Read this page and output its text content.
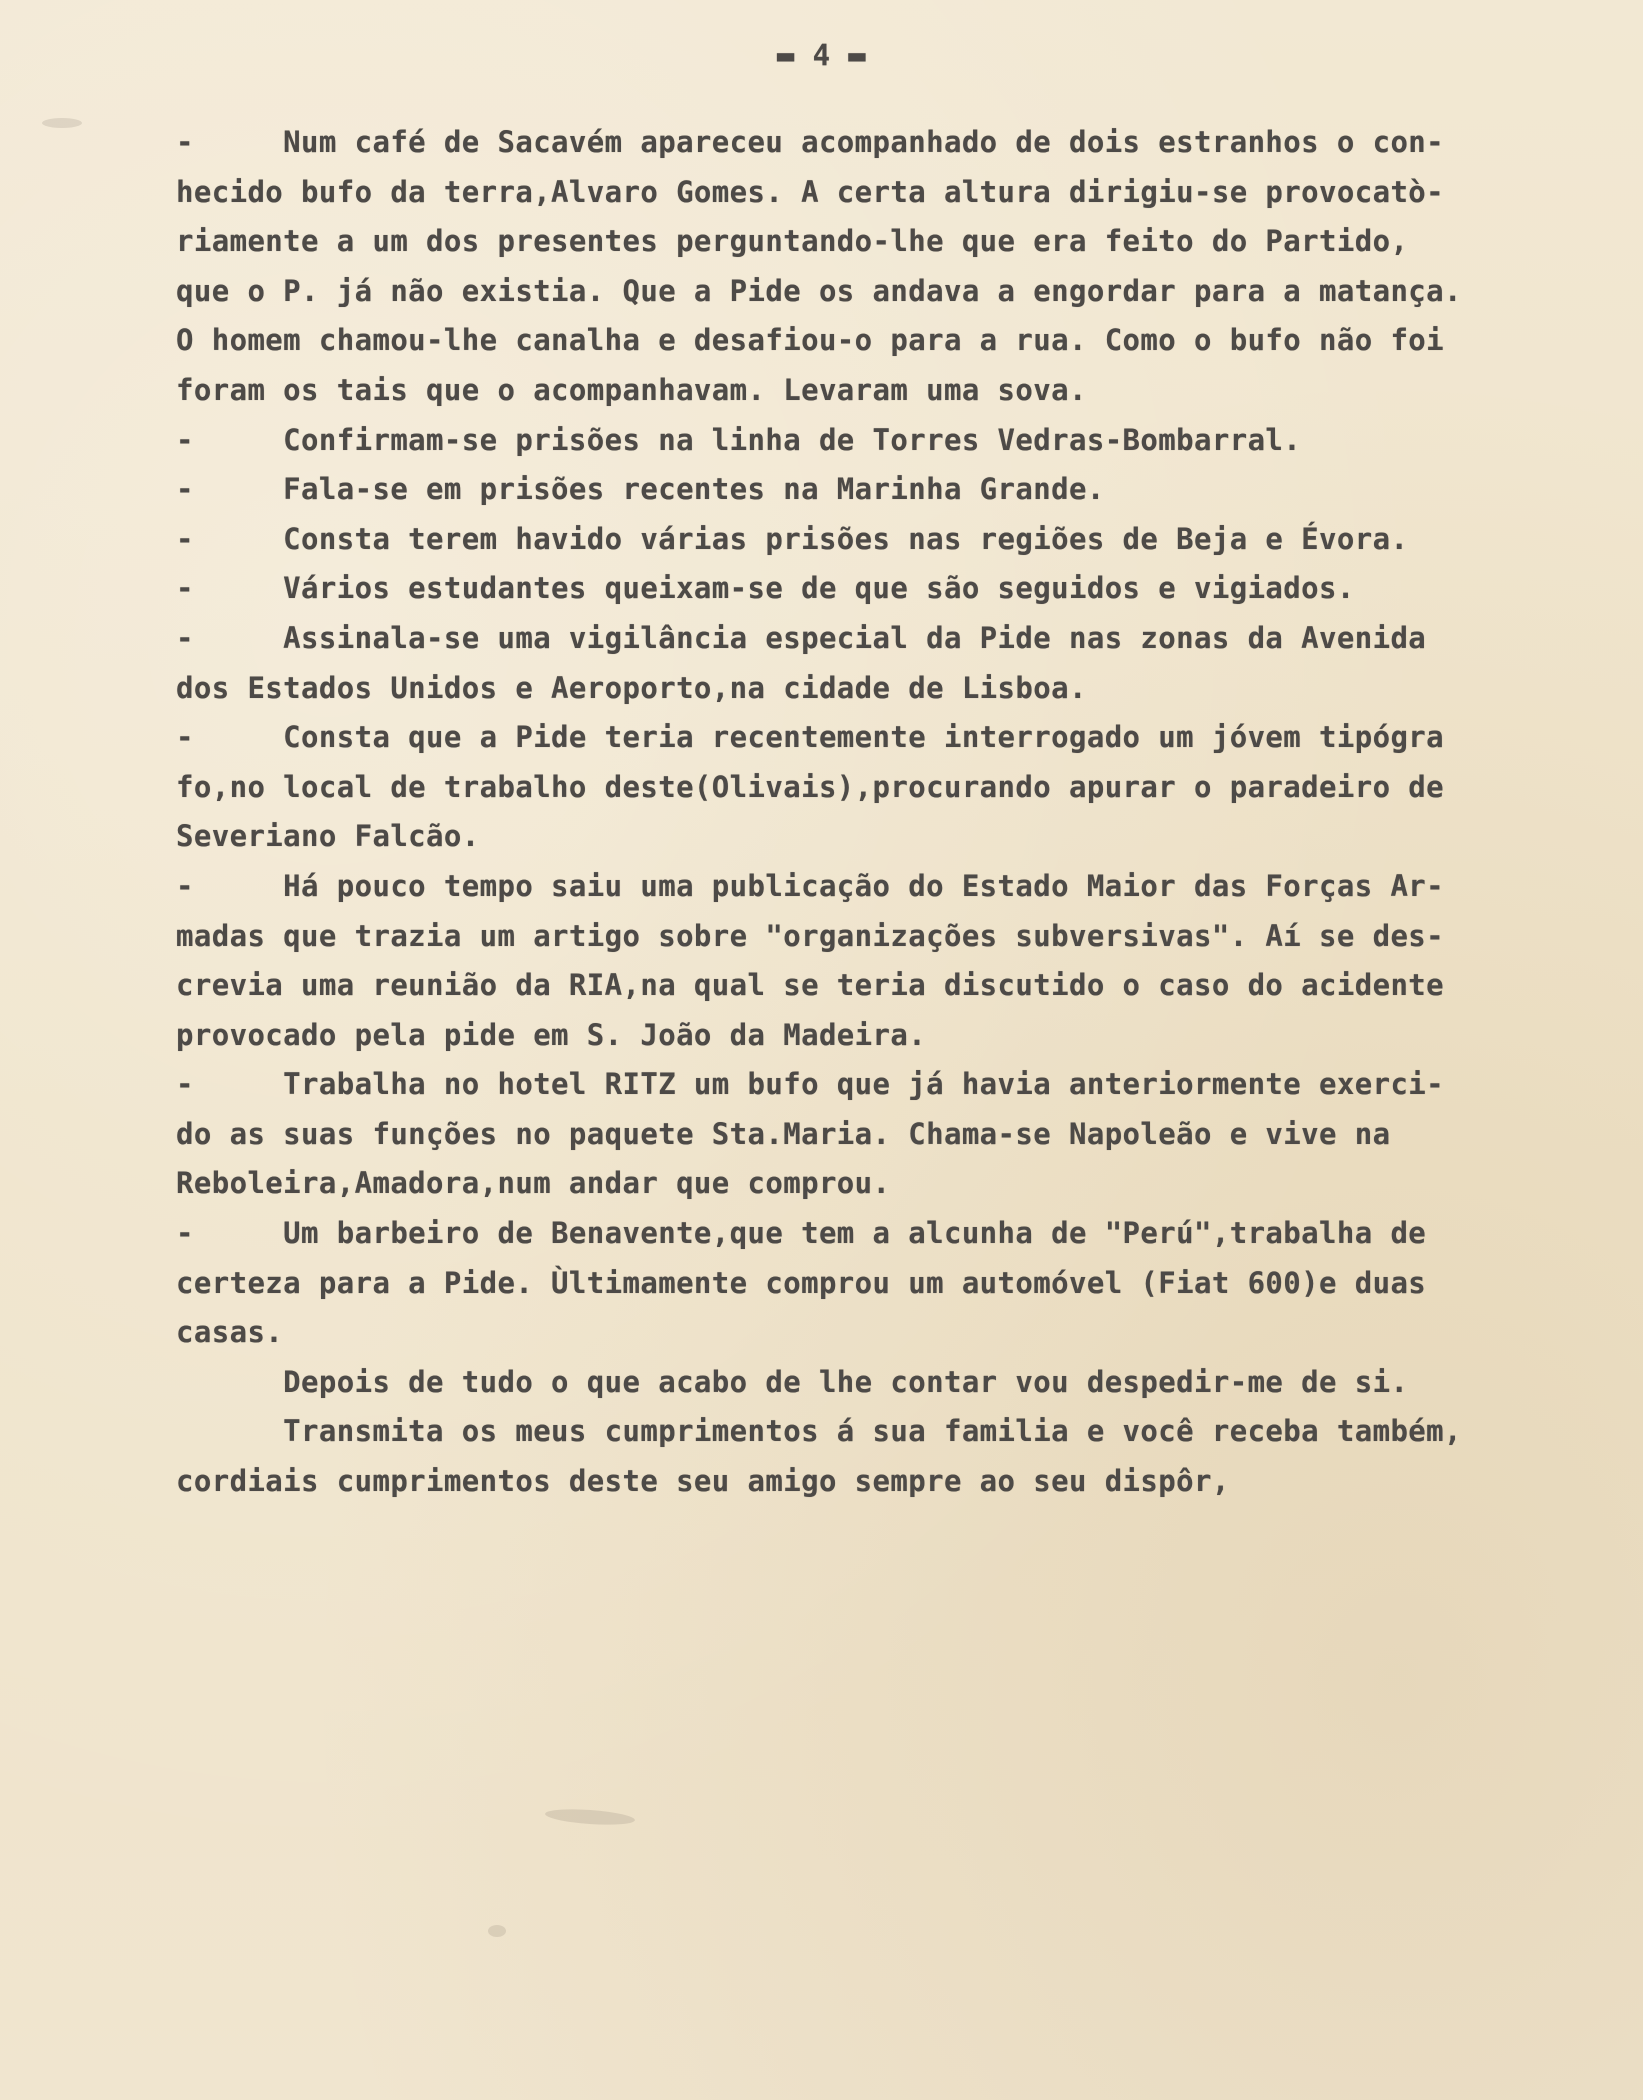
▬ 4 ▬
-     Num café de Sacavém apareceu acompanhado de dois estranhos o con-
hecido bufo da terra,Alvaro Gomes. A certa altura dirigiu-se provocatò-
riamente a um dos presentes perguntando-lhe que era feito do Partido,
que o P. já não existia. Que a Pide os andava a engordar para a matança.
O homem chamou-lhe canalha e desafiou-o para a rua. Como o bufo não foi
foram os tais que o acompanhavam. Levaram uma sova.
-     Confirmam-se prisões na linha de Torres Vedras-Bombarral.
-     Fala-se em prisões recentes na Marinha Grande.
-     Consta terem havido várias prisões nas regiões de Beja e Évora.
-     Vários estudantes queixam-se de que são seguidos e vigiados.
-     Assinala-se uma vigilância especial da Pide nas zonas da Avenida
dos Estados Unidos e Aeroporto,na cidade de Lisboa.
-     Consta que a Pide teria recentemente interrogado um jóvem tipógra
fo,no local de trabalho deste(Olivais),procurando apurar o paradeiro de
Severiano Falcão.
-     Há pouco tempo saiu uma publicação do Estado Maior das Forças Ar-
madas que trazia um artigo sobre "organizações subversivas". Aí se des-
crevia uma reunião da RIA,na qual se teria discutido o caso do acidente
provocado pela pide em S. João da Madeira.
-     Trabalha no hotel RITZ um bufo que já havia anteriormente exerci-
do as suas funções no paquete Sta.Maria. Chama-se Napoleão e vive na
Reboleira,Amadora,num andar que comprou.
-     Um barbeiro de Benavente,que tem a alcunha de "Perú",trabalha de
certeza para a Pide. Ùltimamente comprou um automóvel (Fiat 600)e duas
casas.
Depois de tudo o que acabo de lhe contar vou despedir-me de si.
Transmita os meus cumprimentos á sua familia e você receba também,
cordiais cumprimentos deste seu amigo sempre ao seu dispôr,
